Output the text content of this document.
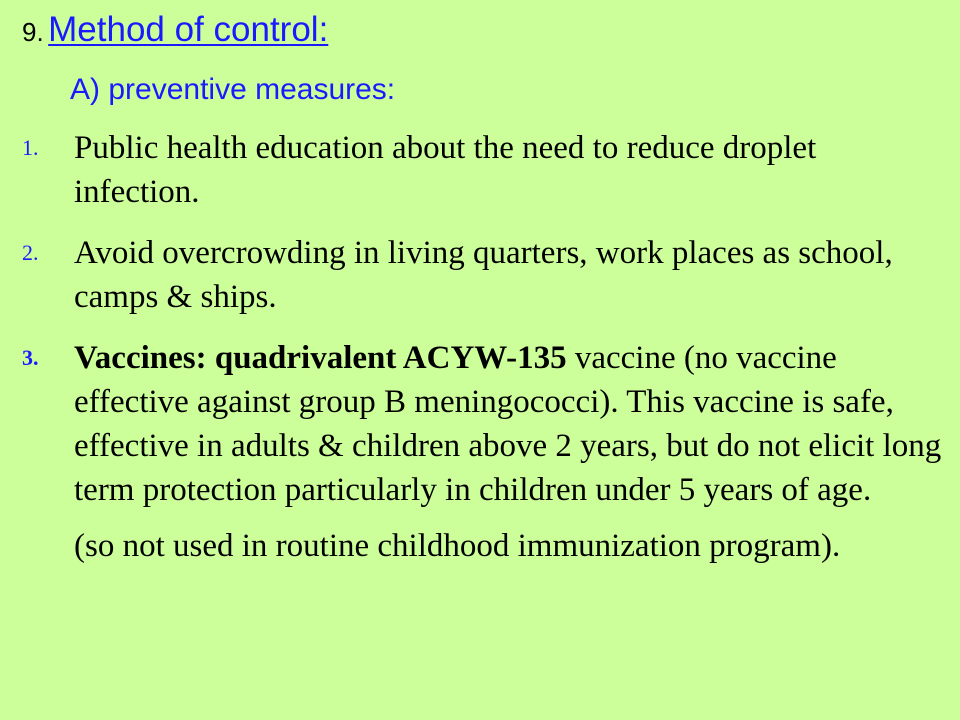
9. Method of control:
A) preventive measures:
1.	Public health education about the need to reduce droplet infection.
2.	Avoid overcrowding in living quarters, work places as school, camps & ships.
3.	Vaccines: quadrivalent ACYW-135 vaccine (no vaccine effective against group B meningococci). This vaccine is safe, effective in adults & children above 2 years, but do not elicit long term protection particularly in children under 5 years of age.
(so not used in routine childhood immunization program).
